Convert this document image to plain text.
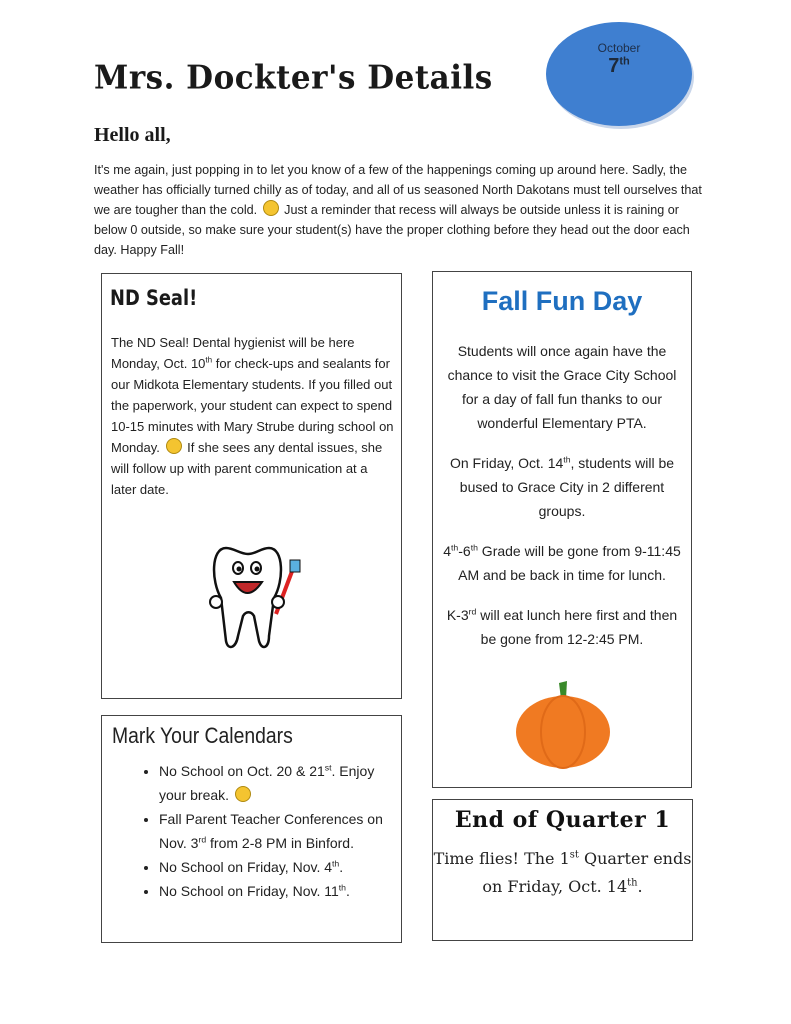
Mrs. Dockter's Details
October
7th
Hello all,
It's me again, just popping in to let you know of a few of the happenings coming up around here. Sadly, the weather has officially turned chilly as of today, and all of us seasoned North Dakotans must tell ourselves that we are tougher than the cold. Just a reminder that recess will always be outside unless it is raining or below 0 outside, so make sure your student(s) have the proper clothing before they head out the door each day. Happy Fall!
ND Seal!
The ND Seal! Dental hygienist will be here Monday, Oct. 10th for check-ups and sealants for our Midkota Elementary students. If you filled out the paperwork, your student can expect to spend 10-15 minutes with Mary Strube during school on Monday. If she sees any dental issues, she will follow up with parent communication at a later date.
Fall Fun Day
Students will once again have the chance to visit the Grace City School for a day of fall fun thanks to our wonderful Elementary PTA.
On Friday, Oct. 14th, students will be bused to Grace City in 2 different groups.
4th-6th Grade will be gone from 9-11:45 AM and be back in time for lunch.
K-3rd will eat lunch here first and then be gone from 12-2:45 PM.
Mark Your Calendars
• No School on Oct. 20 & 21st. Enjoy your break.
• Fall Parent Teacher Conferences on Nov. 3rd from 2-8 PM in Binford.
• No School on Friday, Nov. 4th.
• No School on Friday, Nov. 11th.
End of Quarter 1
Time flies! The 1st Quarter ends on Friday, Oct. 14th.
